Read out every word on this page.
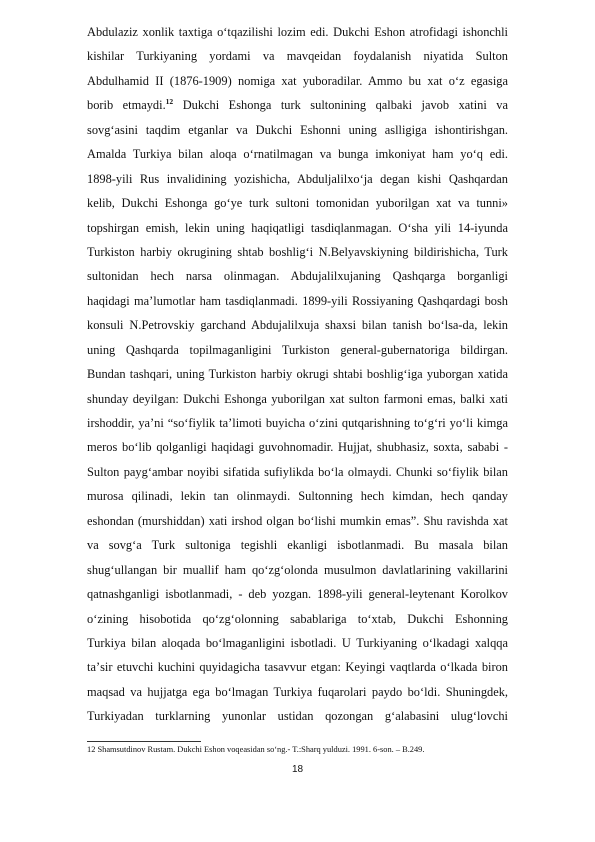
Abdulaziz xonlik taxtiga oʻtqazilishi lozim edi. Dukchi Eshon atrofidagi ishonchli
kishilar Turkiyaning yordami va mavqeidan foydalanish niyatida Sulton
Abdulhamid II (1876-1909) nomiga xat yuboradilar. Ammo bu xat oʻz egasiga
borib etmaydi.$^{12}$ Dukchi Eshonga turk sultonining qalbaki javob xatini va
sovgʻasini taqdim etganlar va Dukchi Eshonni uning aslligiga ishontirishgan.
Amalda Turkiya bilan aloqa oʻrnatilmagan va bunga imkoniyat ham yoʻq edi.
1898-yili Rus invalidining yozishicha, Abduljalilxoʻja degan kishi Qashqardan
kelib, Dukchi Eshonga goʻye turk sultoni tomonidan yuborilgan xat va tunni»
topshirgan emish, lekin uning haqiqatligi tasdiqlanmagan. Oʻsha yili 14-iyunda
Turkiston harbiy okrugining shtab boshligʻi N.Belyavskiyning bildirishicha, Turk
sultonidan hech narsa olinmagan. Abdujalilxujaning Qashqarga borganligi
haqidagi maʼlumotlar ham tasdiqlanmadi. 1899-yili Rossiyaning Qashqardagi bosh
konsuli N.Petrovskiy garchand Abdujalilxuja shaxsi bilan tanish boʻlsa-da, lekin
uning Qashqarda topilmaganligini Turkiston general-gubernatoriga bildirgan.
Bundan tashqari, uning Turkiston harbiy okrugi shtabi boshligʻiga yuborgan xatida
shunday deyilgan: Dukchi Eshonga yuborilgan xat sulton farmoni emas, balki xati
irshoddir, yaʼni “soʻfiylik taʼlimoti buyicha oʻzini qutqarishning toʻgʻri yoʻli kimga
meros boʻlib qolganligi haqidagi guvohnomadir. Hujjat, shubhasiz, soxta, sababi -
Sulton paygʻambar noyibi sifatida sufiylikda boʻla olmaydi. Chunki soʻfiylik bilan
murosa qilinadi, lekin tan olinmaydi. Sultonning hech kimdan, hech qanday
eshondan (murshiddan) xati irshod olgan boʻlishi mumkin emas”. Shu ravishda xat
va sovgʻa Turk sultoniga tegishli ekanligi isbotlanmadi. Bu masala bilan
shugʻullangan bir muallif ham qoʻzgʻolonda musulmon davlatlarining vakillarini
qatnashganligi isbotlanmadi, - deb yozgan. 1898-yili general-leytenant Korolkov
oʻzining hisobotida qoʻzgʻolonning sabablariga toʻxtab, Dukchi Eshonning
Turkiya bilan aloqada boʻlmaganligini isbotladi. U Turkiyaning oʻlkadagi xalqqa
taʼsir etuvchi kuchini quyidagicha tasavvur etgan: Keyingi vaqtlarda oʻlkada biron
maqsad va hujjatga ega boʻlmagan Turkiya fuqarolari paydo boʻldi. Shuningdek,
Turkiyadan turklarning yunonlar ustidan qozongan gʻalabasini ulugʻlovchi
12 Shamsutdinov Rustam. Dukchi Eshon voqeasidan soʻng.- T.:Sharq yulduzi. 1991. 6-son. – B.249.
18
